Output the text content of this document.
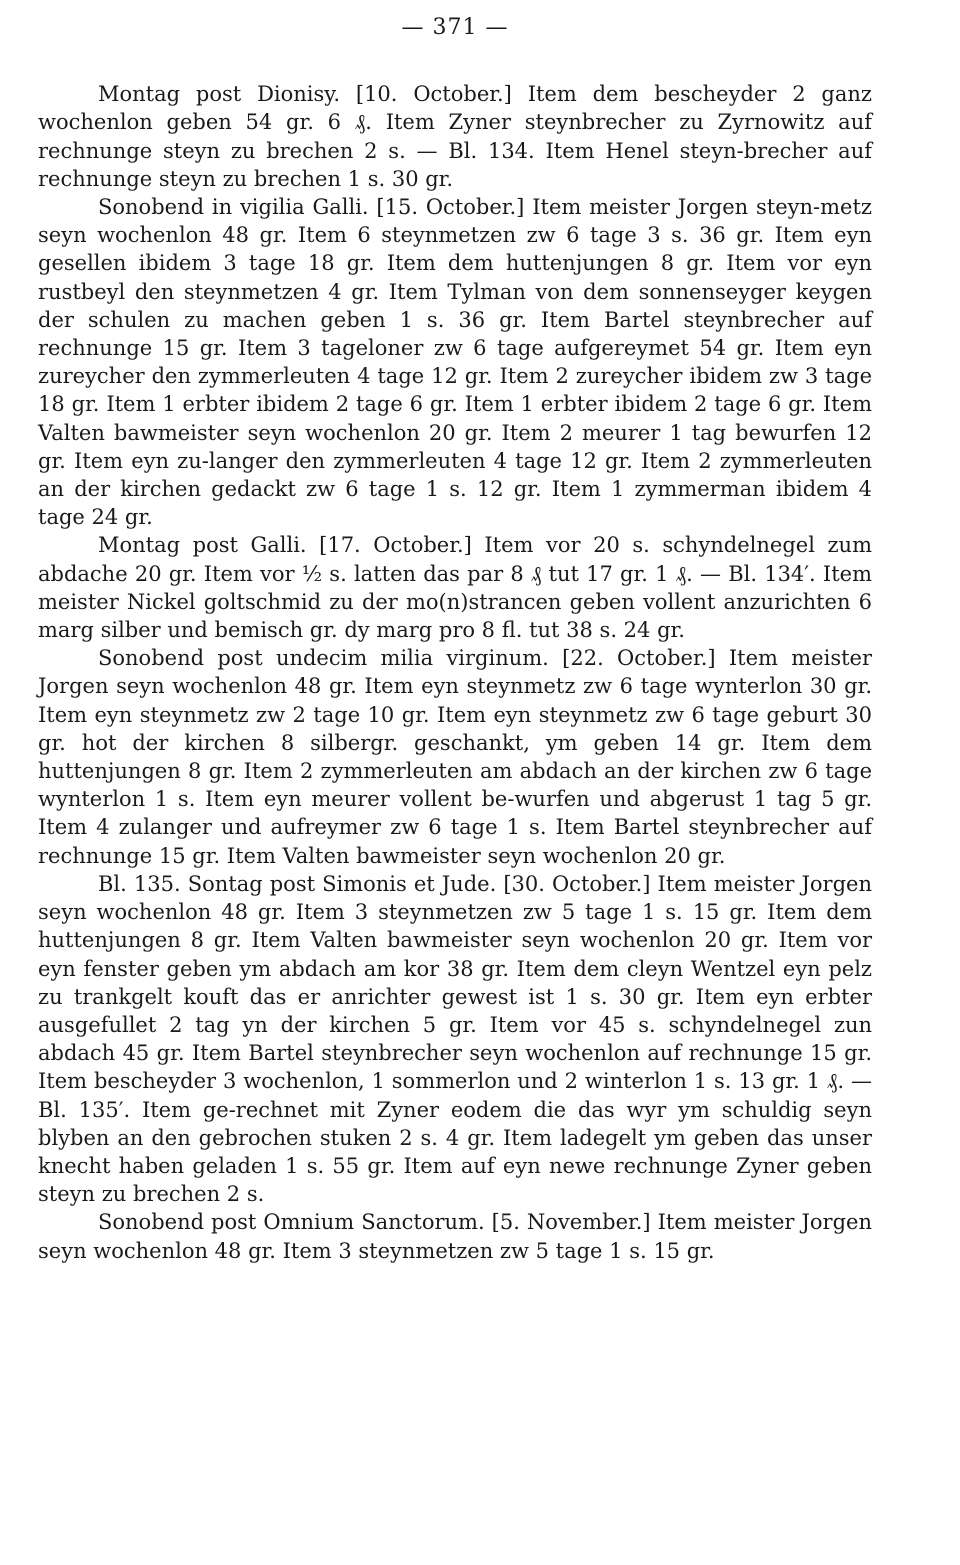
— 371 —

Montag post Dionisy. [10. October.] Item dem bescheyder 2 ganz wochenlon geben 54 gr. 6 ₰. Item Zyner steynbrecher zu Zyrnowitz auf rechnunge steyn zu brechen 2 s. — Bl. 134. Item Henel steyn-brecher auf rechnunge steyn zu brechen 1 s. 30 gr.

Sonobend in vigilia Galli. [15. October.] Item meister Jorgen steyn-metz seyn wochenlon 48 gr. Item 6 steynmetzen zw 6 tage 3 s. 36 gr. Item eyn gesellen ibidem 3 tage 18 gr. Item dem huttenjungen 8 gr. Item vor eyn rustbeyl den steynmetzen 4 gr. Item Tylman von dem sonnenseyger keygen der schulen zu machen geben 1 s. 36 gr. Item Bartel steynbrecher auf rechnunge 15 gr. Item 3 tageloner zw 6 tage aufgereymet 54 gr. Item eyn zureycher den zymmerleuten 4 tage 12 gr. Item 2 zureycher ibidem zw 3 tage 18 gr. Item 1 erbter ibidem 2 tage 6 gr. Item 1 erbter ibidem 2 tage 6 gr. Item Valten bawmeister seyn wochenlon 20 gr. Item 2 meurer 1 tag bewurfen 12 gr. Item eyn zu-langer den zymmerleuten 4 tage 12 gr. Item 2 zymmerleuten an der kirchen gedackt zw 6 tage 1 s. 12 gr. Item 1 zymmerman ibidem 4 tage 24 gr.

Montag post Galli. [17. October.] Item vor 20 s. schyndelnegel zum abdache 20 gr. Item vor ½ s. latten das par 8 ₰ tut 17 gr. 1 ₰. — Bl. 134′. Item meister Nickel goltschmid zu der mo(n)strancen geben vollent anzurichten 6 marg silber und bemisch gr. dy marg pro 8 fl. tut 38 s. 24 gr.

Sonobend post undecim milia virginum. [22. October.] Item meister Jorgen seyn wochenlon 48 gr. Item eyn steynmetz zw 6 tage wynterlon 30 gr. Item eyn steynmetz zw 2 tage 10 gr. Item eyn steynmetz zw 6 tage geburt 30 gr. hot der kirchen 8 silbergr. geschankt, ym geben 14 gr. Item dem huttenjungen 8 gr. Item 2 zymmerleuten am abdach an der kirchen zw 6 tage wynterlon 1 s. Item eyn meurer vollent be-wurfen und abgerust 1 tag 5 gr. Item 4 zulanger und aufreymer zw 6 tage 1 s. Item Bartel steynbrecher auf rechnunge 15 gr. Item Valten bawmeister seyn wochenlon 20 gr.

Bl. 135. Sontag post Simonis et Jude. [30. October.] Item meister Jorgen seyn wochenlon 48 gr. Item 3 steynmetzen zw 5 tage 1 s. 15 gr. Item dem huttenjungen 8 gr. Item Valten bawmeister seyn wochenlon 20 gr. Item vor eyn fenster geben ym abdach am kor 38 gr. Item dem cleyn Wentzel eyn pelz zu trankgelt kouft das er anrichter gewest ist 1 s. 30 gr. Item eyn erbter ausgefullet 2 tag yn der kirchen 5 gr. Item vor 45 s. schyndelnegel zun abdach 45 gr. Item Bartel steynbrecher seyn wochenlon auf rechnunge 15 gr. Item bescheyder 3 wochenlon, 1 sommerlon und 2 winterlon 1 s. 13 gr. 1 ₰. — Bl. 135′. Item ge-rechnet mit Zyner eodem die das wyr ym schuldig seyn blyben an den gebrochen stuken 2 s. 4 gr. Item ladegelt ym geben das unser knecht haben geladen 1 s. 55 gr. Item auf eyn newe rechnunge Zyner geben steyn zu brechen 2 s.

Sonobend post Omnium Sanctorum. [5. November.] Item meister Jorgen seyn wochenlon 48 gr. Item 3 steynmetzen zw 5 tage 1 s. 15 gr.
